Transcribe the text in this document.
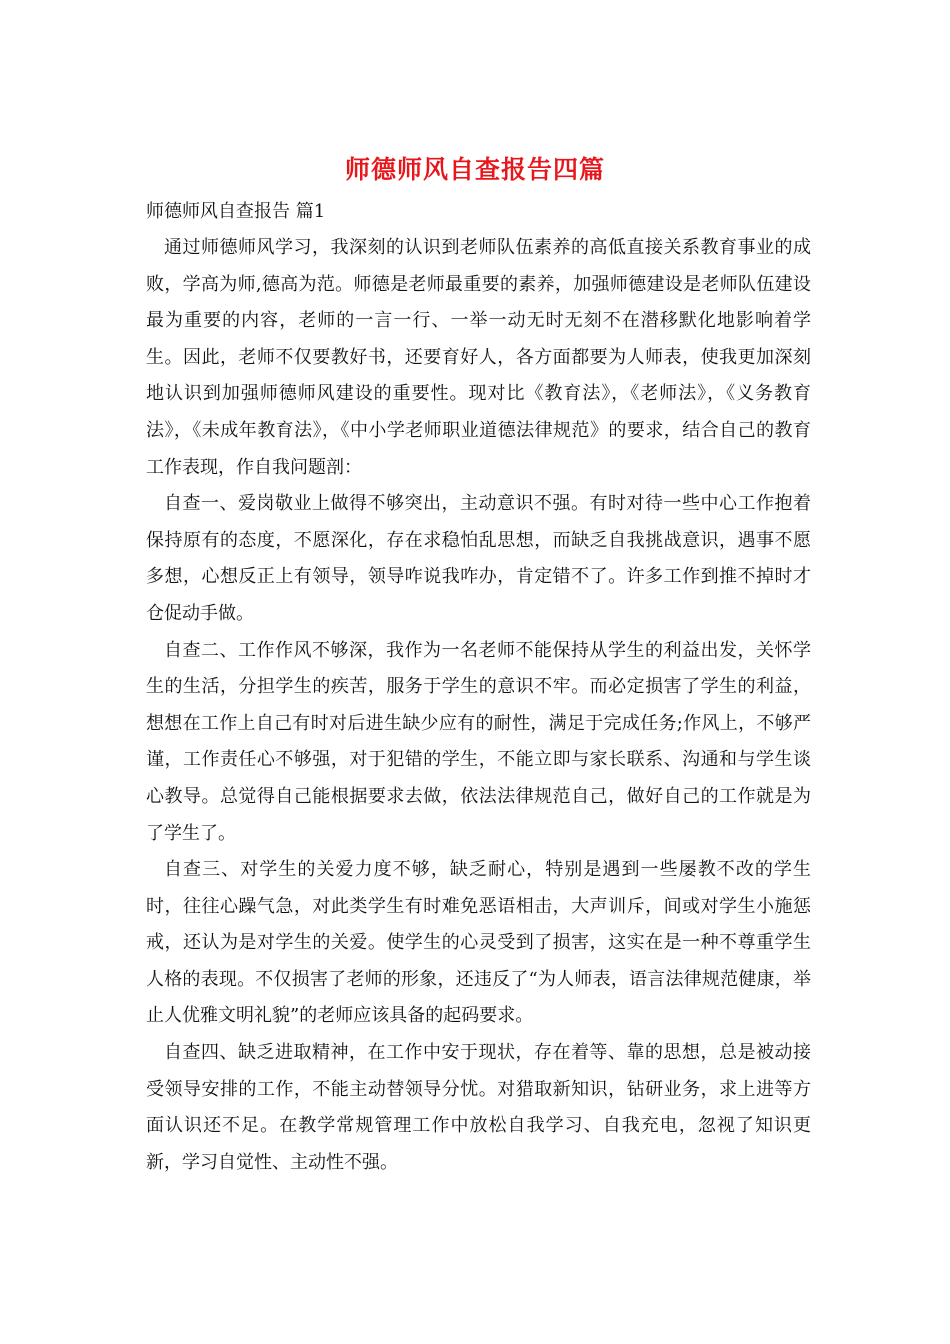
师德师风自查报告四篇
师德师风自查报告 篇1

通过师德师风学习，我深刻的认识到老师队伍素养的高低直接关系教育事业的成败，学高为师,德高为范。师德是老师最重要的素养，加强师德建设是老师队伍建设最为重要的内容，老师的一言一行、一举一动无时无刻不在潜移默化地影响着学生。因此，老师不仅要教好书，还要育好人，各方面都要为人师表，使我更加深刻地认识到加强师德师风建设的重要性。现对比《教育法》，《老师法》，《义务教育法》，《未成年教育法》，《中小学老师职业道德法律规范》的要求，结合自己的教育工作表现，作自我问题剖：

自查一、爱岗敬业上做得不够突出，主动意识不强。有时对待一些中心工作抱着保持原有的态度，不愿深化，存在求稳怕乱思想，而缺乏自我挑战意识，遇事不愿多想，心想反正上有领导，领导咋说我咋办，肯定错不了。许多工作到推不掉时才仓促动手做。

自查二、工作作风不够深，我作为一名老师不能保持从学生的利益出发，关怀学生的生活，分担学生的疾苦，服务于学生的意识不牢。而必定损害了学生的利益，想想在工作上自己有时对后进生缺少应有的耐性，满足于完成任务;作风上，不够严谨，工作责任心不够强，对于犯错的学生，不能立即与家长联系、沟通和与学生谈心教导。总觉得自己能根据要求去做，依法法律规范自己，做好自己的工作就是为了学生了。

自查三、对学生的关爱力度不够，缺乏耐心，特别是遇到一些屡教不改的学生时，往往心躁气急，对此类学生有时难免恶语相击，大声训斥，间或对学生小施惩戒，还认为是对学生的关爱。使学生的心灵受到了损害，这实在是一种不尊重学生人格的表现。不仅损害了老师的形象，还违反了“为人师表，语言法律规范健康，举止人优雅文明礼貌”的老师应该具备的起码要求。

自查四、缺乏进取精神，在工作中安于现状，存在着等、靠的思想，总是被动接受领导安排的工作，不能主动替领导分忧。对猎取新知识，钻研业务，求上进等方面认识还不足。在教学常规管理工作中放松自我学习、自我充电，忽视了知识更新，学习自觉性、主动性不强。
